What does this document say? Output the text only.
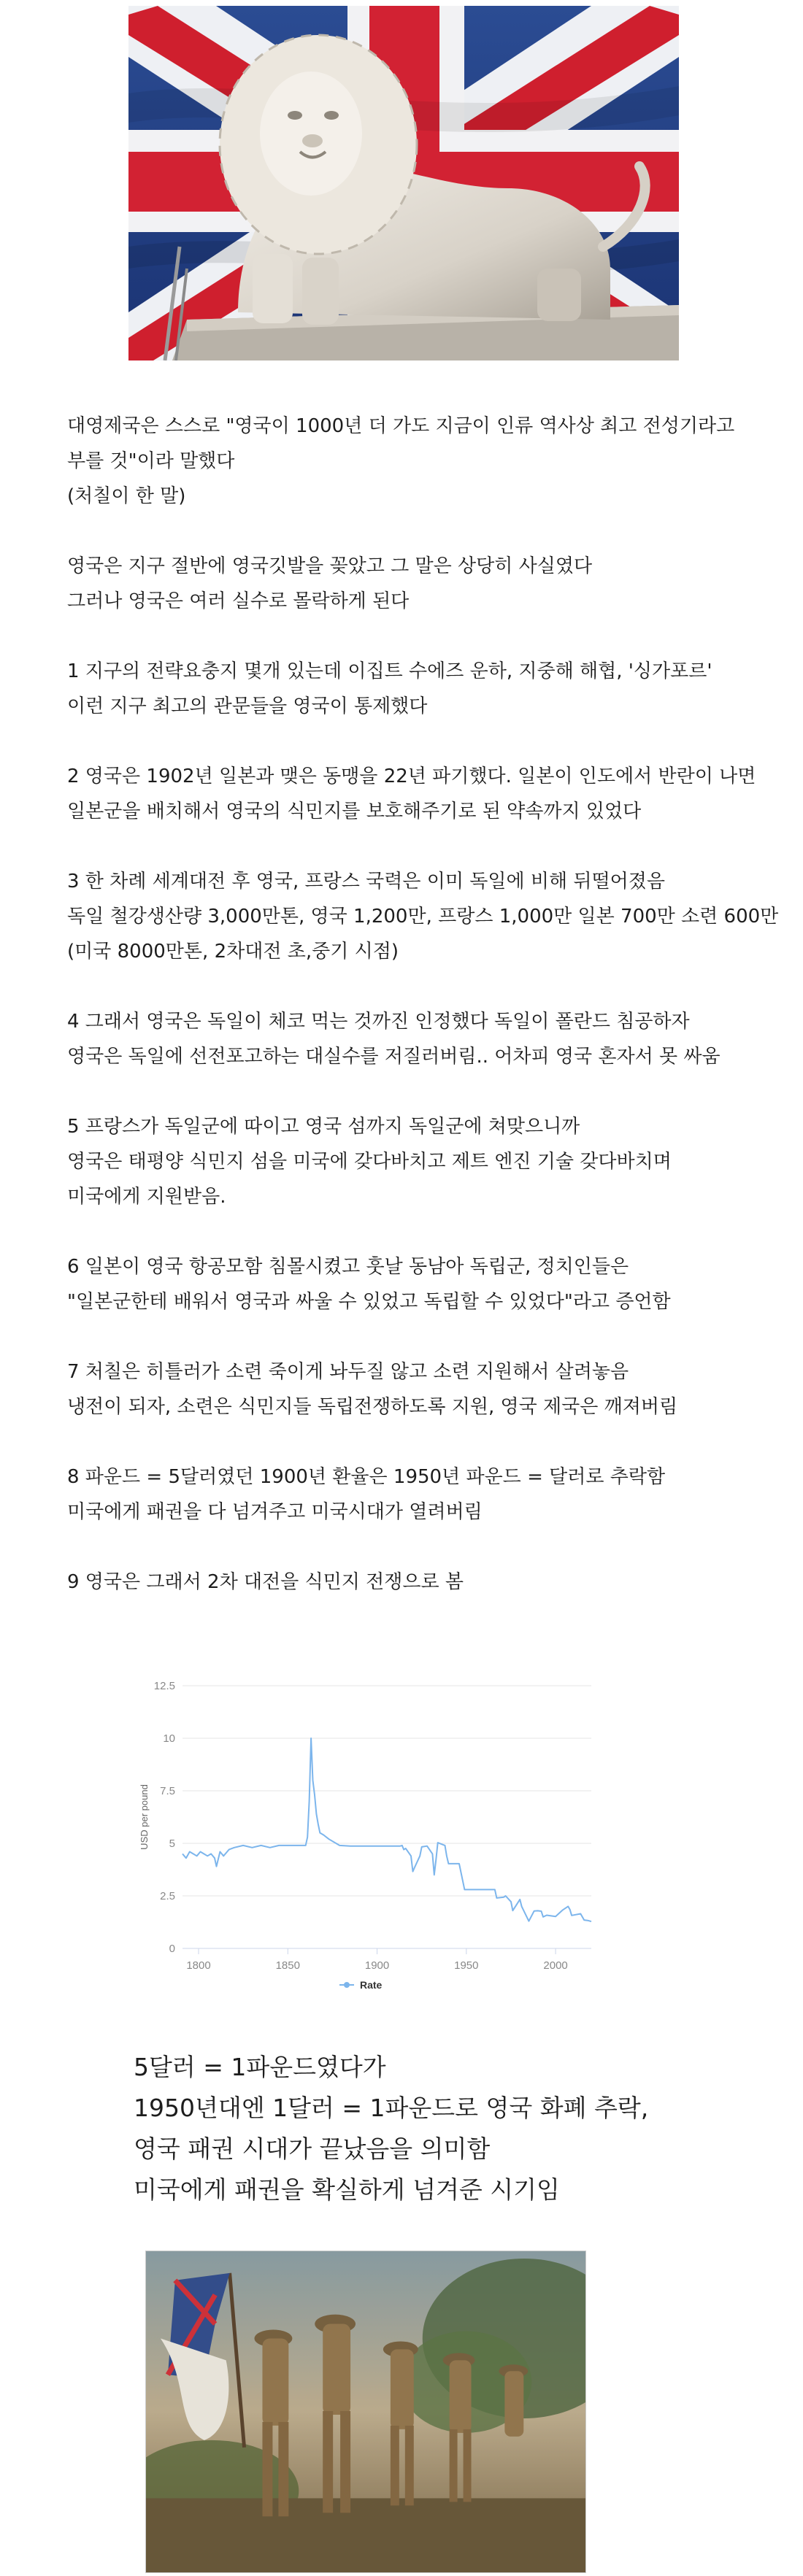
대영제국은 스스로 "영국이 1000년 더 가도 지금이 인류 역사상 최고 전성기라고
부를 것"이라 말했다
(처칠이 한 말)
영국은 지구 절반에 영국깃발을 꽂았고 그 말은 상당히 사실였다
그러나 영국은 여러 실수로 몰락하게 된다
1 지구의 전략요충지 몇개 있는데 이집트 수에즈 운하, 지중해 해협, '싱가포르'
이런 지구 최고의 관문들을 영국이 통제했다
2 영국은 1902년 일본과 맺은 동맹을 22년 파기했다. 일본이 인도에서 반란이 나면
일본군을 배치해서 영국의 식민지를 보호해주기로 된 약속까지 있었다
3 한 차례 세계대전 후 영국, 프랑스 국력은 이미 독일에 비해 뒤떨어졌음
독일 철강생산량 3,000만톤, 영국 1,200만, 프랑스 1,000만 일본 700만 소련 600만
(미국 8000만톤, 2차대전 초,중기 시점)
4 그래서 영국은 독일이 체코 먹는 것까진 인정했다 독일이 폴란드 침공하자
영국은 독일에 선전포고하는 대실수를 저질러버림.. 어차피 영국 혼자서 못 싸움
5 프랑스가 독일군에 따이고 영국 섬까지 독일군에 쳐맞으니까
영국은 태평양 식민지 섬을 미국에 갖다바치고 제트 엔진 기술 갖다바치며
미국에게 지원받음.
6 일본이 영국 항공모함 침몰시켰고 훗날 동남아 독립군, 정치인들은
"일본군한테 배워서 영국과 싸울 수 있었고 독립할 수 있었다"라고 증언함
7 처칠은 히틀러가 소련 죽이게 놔두질 않고 소련 지원해서 살려놓음
냉전이 되자, 소련은 식민지들 독립전쟁하도록 지원, 영국 제국은 깨져버림
8 파운드 = 5달러였던 1900년 환율은 1950년 파운드 = 달러로 추락함
미국에게 패권을 다 넘겨주고 미국시대가 열려버림
9 영국은 그래서 2차 대전을 식민지 전쟁으로 봄
0
2.5
5
7.5
10
12.5
1800	1850	1900	1950	2000
USD per pound
Rate
5달러 = 1파운드였다가
1950년대엔 1달러 = 1파운드로 영국 화폐 추락,
영국 패권 시대가 끝났음을 의미함
미국에게 패권을 확실하게 넘겨준 시기임
